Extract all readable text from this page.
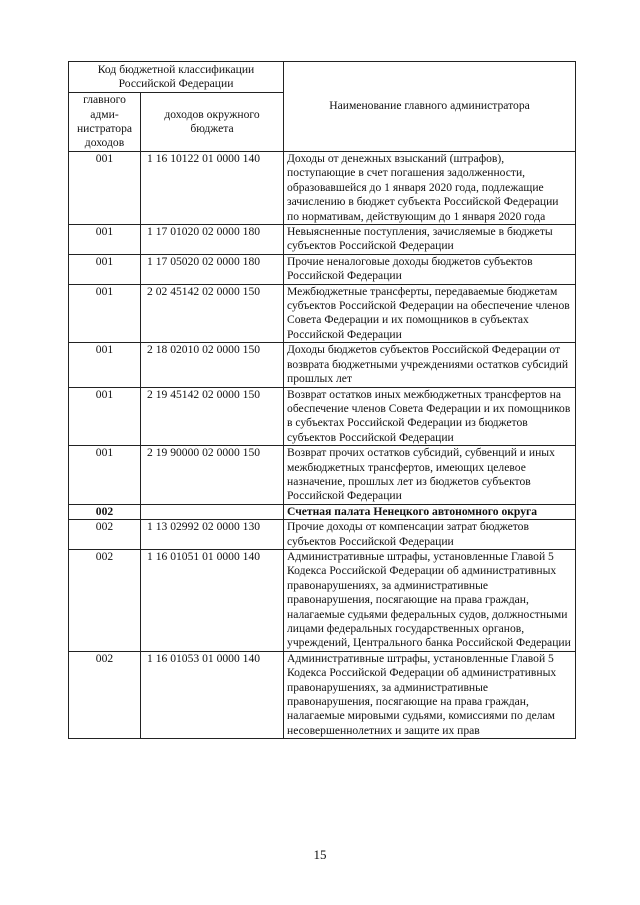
Код бюджетной классификации Российской Федерации		Наименование главного администратора
главного адми-нистратора доходов	доходов окружного бюджета	
001	1 16 10122 01 0000 140	Доходы от денежных взысканий (штрафов), поступающие в счет погашения задолженности, образовавшейся до 1 января 2020 года, подлежащие зачислению в бюджет субъекта Российской Федерации по нормативам, действующим до 1 января 2020 года
001	1 17 01020 02 0000 180	Невыясненные поступления, зачисляемые в бюджеты субъектов Российской Федерации
001	1 17 05020 02 0000 180	Прочие неналоговые доходы бюджетов субъектов Российской Федерации
001	2 02 45142 02 0000 150	Межбюджетные трансферты, передаваемые бюджетам субъектов Российской Федерации на обеспечение членов Совета Федерации и их помощников в субъектах Российской Федерации
001	2 18 02010 02 0000 150	Доходы бюджетов субъектов Российской Федерации от возврата бюджетными учреждениями остатков субсидий прошлых лет
001	2 19 45142 02 0000 150	Возврат остатков иных межбюджетных трансфертов на обеспечение членов Совета Федерации и их помощников в субъектах Российской Федерации из бюджетов субъектов Российской Федерации
001	2 19 90000 02 0000 150	Возврат прочих остатков субсидий, субвенций и иных межбюджетных трансфертов, имеющих целевое назначение, прошлых лет из бюджетов субъектов Российской Федерации
002		Счетная палата Ненецкого автономного округа
002	1 13 02992 02 0000 130	Прочие доходы от компенсации затрат бюджетов субъектов Российской Федерации
002	1 16 01051 01 0000 140	Административные штрафы, установленные Главой 5 Кодекса Российской Федерации об административных правонарушениях, за административные правонарушения, посягающие на права граждан, налагаемые судьями федеральных судов, должностными лицами федеральных государственных органов, учреждений, Центрального банка Российской Федерации
002	1 16 01053 01 0000 140	Административные штрафы, установленные Главой 5 Кодекса Российской Федерации об административных правонарушениях, за административные правонарушения, посягающие на права граждан, налагаемые мировыми судьями, комиссиями по делам несовершеннолетних и защите их прав
15
